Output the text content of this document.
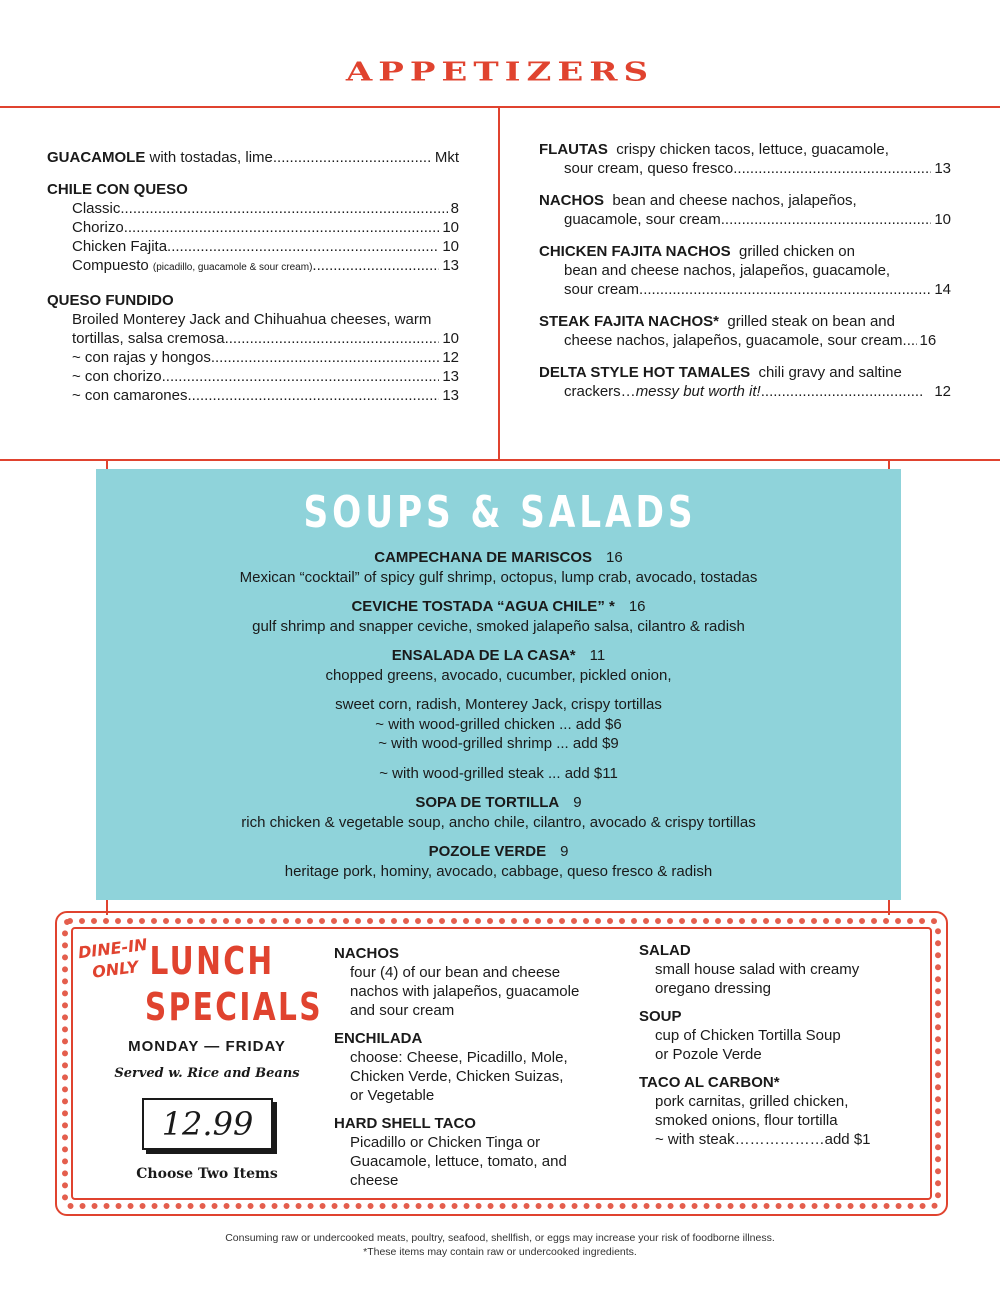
APPETIZERS
GUACAMOLE with tostadas, lime .....	Mkt
CHILE CON QUESO
Classic .....	8
Chorizo .....	10
Chicken Fajita .....	10
Compuesto (picadillo, guacamole & sour cream) .....	13
QUESO FUNDIDO
Broiled Monterey Jack and Chihuahua cheeses, warm
tortillas, salsa cremosa .....	10
~ con rajas y hongos .....	12
~ con chorizo .....	13
~ con camarones .....	13
FLAUTAS crispy chicken tacos, lettuce, guacamole,
sour cream, queso fresco .....	13
NACHOS bean and cheese nachos, jalapeños,
guacamole, sour cream .....	10
CHICKEN FAJITA NACHOS grilled chicken on
bean and cheese nachos, jalapeños, guacamole,
sour cream .....	14
STEAK FAJITA NACHOS* grilled steak on bean and
cheese nachos, jalapeños, guacamole, sour cream ..... 16
DELTA STYLE HOT TAMALES chili gravy and saltine
crackers…messy but worth it! .....	12
SOUPS & SALADS
CAMPECHANA DE MARISCOS 16
Mexican “cocktail” of spicy gulf shrimp, octopus, lump crab, avocado, tostadas
CEVICHE TOSTADA “AGUA CHILE” * 16
gulf shrimp and snapper ceviche, smoked jalapeño salsa, cilantro & radish
ENSALADA DE LA CASA* 11
chopped greens, avocado, cucumber, pickled onion,
sweet corn, radish, Monterey Jack, crispy tortillas
~ with wood-grilled chicken ... add $6
~ with wood-grilled shrimp ... add $9
~ with wood-grilled steak ... add $11
SOPA DE TORTILLA 9
rich chicken & vegetable soup, ancho chile, cilantro, avocado & crispy tortillas
POZOLE VERDE 9
heritage pork, hominy, avocado, cabbage, queso fresco & radish
DINE-IN
ONLY LUNCH
SPECIALS
MONDAY — FRIDAY
Served w. Rice and Beans
12.99
Choose Two Items
NACHOS
four (4) of our bean and cheese
nachos with jalapeños, guacamole
and sour cream
ENCHILADA
choose: Cheese, Picadillo, Mole,
Chicken Verde, Chicken Suizas,
or Vegetable
HARD SHELL TACO
Picadillo or Chicken Tinga or
Guacamole, lettuce, tomato, and
cheese
SALAD
small house salad with creamy
oregano dressing
SOUP
cup of Chicken Tortilla Soup
or Pozole Verde
TACO AL CARBON*
pork carnitas, grilled chicken,
smoked onions, flour tortilla
~ with steak………………add $1
Consuming raw or undercooked meats, poultry, seafood, shellfish, or eggs may increase your risk of foodborne illness.
*These items may contain raw or undercooked ingredients.
